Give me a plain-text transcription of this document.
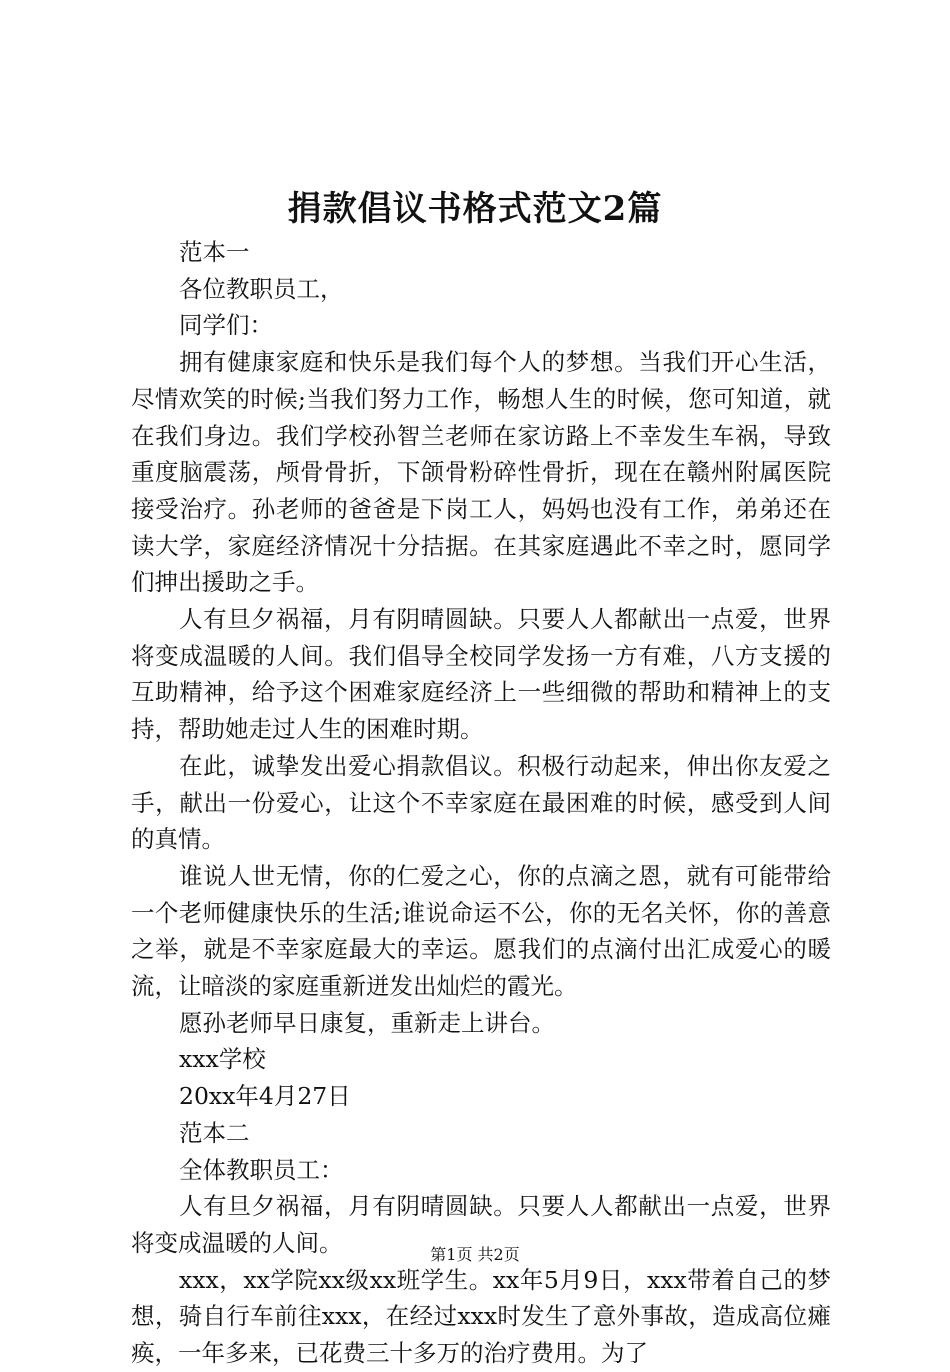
捐款倡议书格式范文2篇

范本一

各位教职员工，

同学们：

拥有健康家庭和快乐是我们每个人的梦想。当我们开心生活，尽情欢笑的时候;当我们努力工作，畅想人生的时候，您可知道，就在我们身边。我们学校孙智兰老师在家访路上不幸发生车祸，导致重度脑震荡，颅骨骨折，下颌骨粉碎性骨折，现在在赣州附属医院接受治疗。孙老师的爸爸是下岗工人，妈妈也没有工作，弟弟还在读大学，家庭经济情况十分拮据。在其家庭遇此不幸之时，愿同学们抻出援助之手。

人有旦夕祸福，月有阴晴圆缺。只要人人都献出一点爱，世界将变成温暖的人间。我们倡导全校同学发扬一方有难，八方支援的互助精神，给予这个困难家庭经济上一些细微的帮助和精神上的支持，帮助她走过人生的困难时期。

在此，诚挚发出爱心捐款倡议。积极行动起来，伸出你友爱之手，献出一份爱心，让这个不幸家庭在最困难的时候，感受到人间的真情。

谁说人世无情，你的仁爱之心，你的点滴之恩，就有可能带给一个老师健康快乐的生活;谁说命运不公，你的无名关怀，你的善意之举，就是不幸家庭最大的幸运。愿我们的点滴付出汇成爱心的暖流，让暗淡的家庭重新迸发出灿烂的霞光。

愿孙老师早日康复，重新走上讲台。

xxx学校

20xx年4月27日

范本二

全体教职员工：

人有旦夕祸福，月有阴晴圆缺。只要人人都献出一点爱，世界将变成温暖的人间。

xxx，xx学院xx级xx班学生。xx年5月9日，xxx带着自己的梦想，骑自行车前往xxx，在经过xxx时发生了意外事故，造成高位瘫痪，一年多来，已花费三十多万的治疗费用。为了

第1页 共2页
